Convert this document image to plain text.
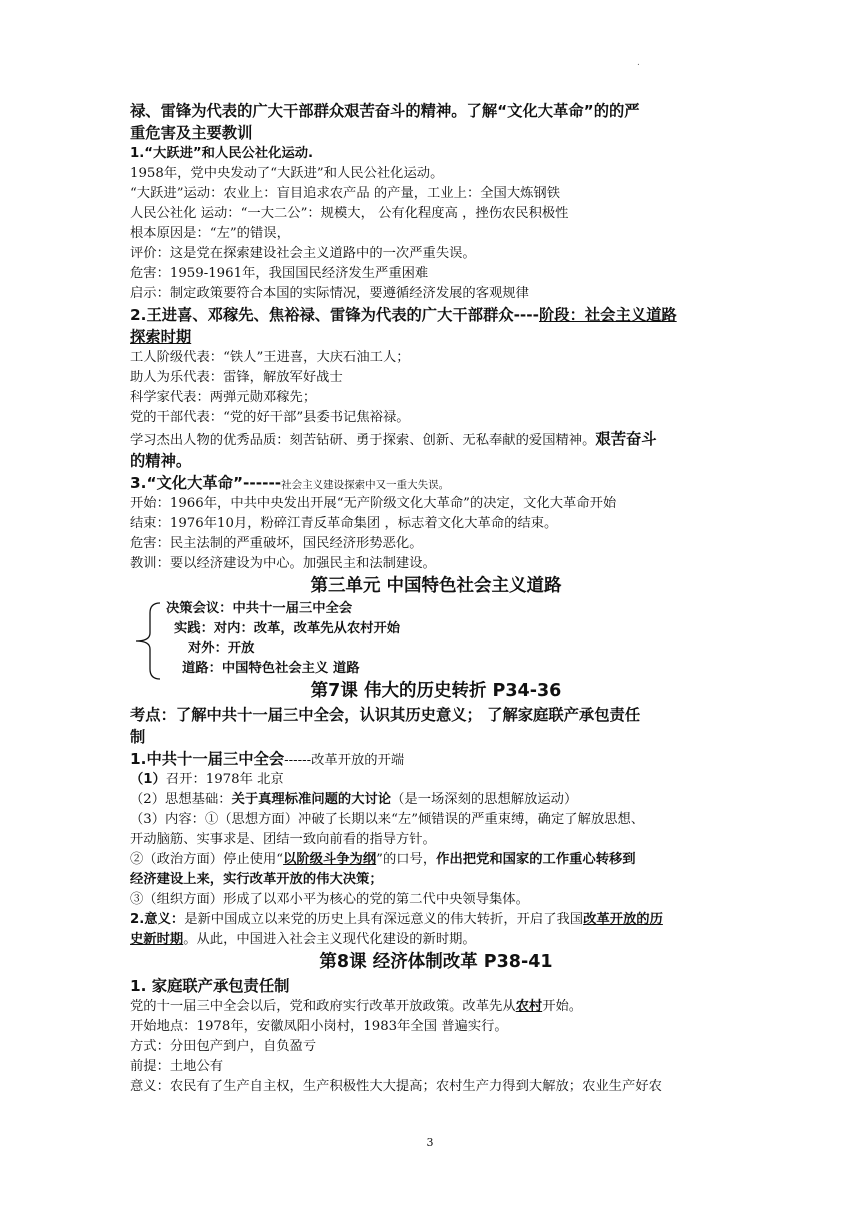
.
禄、雷锋为代表的广大干部群众艰苦奋斗的精神。了解“文化大革命”的的严
重危害及主要教训
1.“大跃进”和人民公社化运动.
1958年，党中央发动了“大跃进”和人民公社化运动。
“大跃进”运动：农业上：盲目追求农产品 的产量，工业上：全国大炼钢铁
人民公社化 运动：“一大二公”：规模大， 公有化程度高 ，挫伤农民积极性
根本原因是：“左”的错误，
评价：这是党在探索建设社会主义道路中的一次严重失误。
危害：1959-1961年，我国国民经济发生严重困难
启示：制定政策要符合本国的实际情况，要遵循经济发展的客观规律
2.王进喜、邓稼先、焦裕禄、雷锋为代表的广大干部群众----阶段：社会主义道路
探索时期
工人阶级代表：“铁人”王进喜，大庆石油工人；
助人为乐代表：雷锋，解放军好战士
科学家代表：两弹元勋邓稼先；
党的干部代表：“党的好干部”县委书记焦裕禄。
学习杰出人物的优秀品质：刻苦钻研、勇于探索、创新、无私奉献的爱国精神。艰苦奋斗
的精神。
3.“文化大革命”------社会主义建设探索中又一重大失误。
开始：1966年，中共中央发出开展“无产阶级文化大革命”的决定，文化大革命开始
结束：1976年10月，粉碎江青反革命集团 ，标志着文化大革命的结束。
危害：民主法制的严重破坏，国民经济形势恶化。
教训：要以经济建设为中心。加强民主和法制建设。
第三单元 中国特色社会主义道路
决策会议：中共十一届三中全会
实践：对内：改革，改革先从农村开始
对外：开放
道路：中国特色社会主义 道路
第7课 伟大的历史转折 P34-36
考点：了解中共十一届三中全会，认识其历史意义； 了解家庭联产承包责任
制
1.中共十一届三中全会------改革开放的开端
（1）召开：1978年 北京
（2）思想基础：关于真理标准问题的大讨论（是一场深刻的思想解放运动）
（3）内容：①（思想方面）冲破了长期以来“左”倾错误的严重束缚，确定了解放思想、
开动脑筋、实事求是、团结一致向前看的指导方针。
②（政治方面）停止使用“以阶级斗争为纲”的口号，作出把党和国家的工作重心转移到
经济建设上来，实行改革开放的伟大决策；
③（组织方面）形成了以邓小平为核心的党的第二代中央领导集体。
2.意义：是新中国成立以来党的历史上具有深远意义的伟大转折，开启了我国改革开放的历
史新时期。从此，中国进入社会主义现代化建设的新时期。
第8课 经济体制改革 P38-41
1. 家庭联产承包责任制
党的十一届三中全会以后，党和政府实行改革开放政策。改革先从农村开始。
开始地点：1978年，安徽凤阳小岗村，1983年全国 普遍实行。
方式：分田包产到户，自负盈亏
前提：土地公有
意义：农民有了生产自主权，生产积极性大大提高；农村生产力得到大解放；农业生产好农
3
